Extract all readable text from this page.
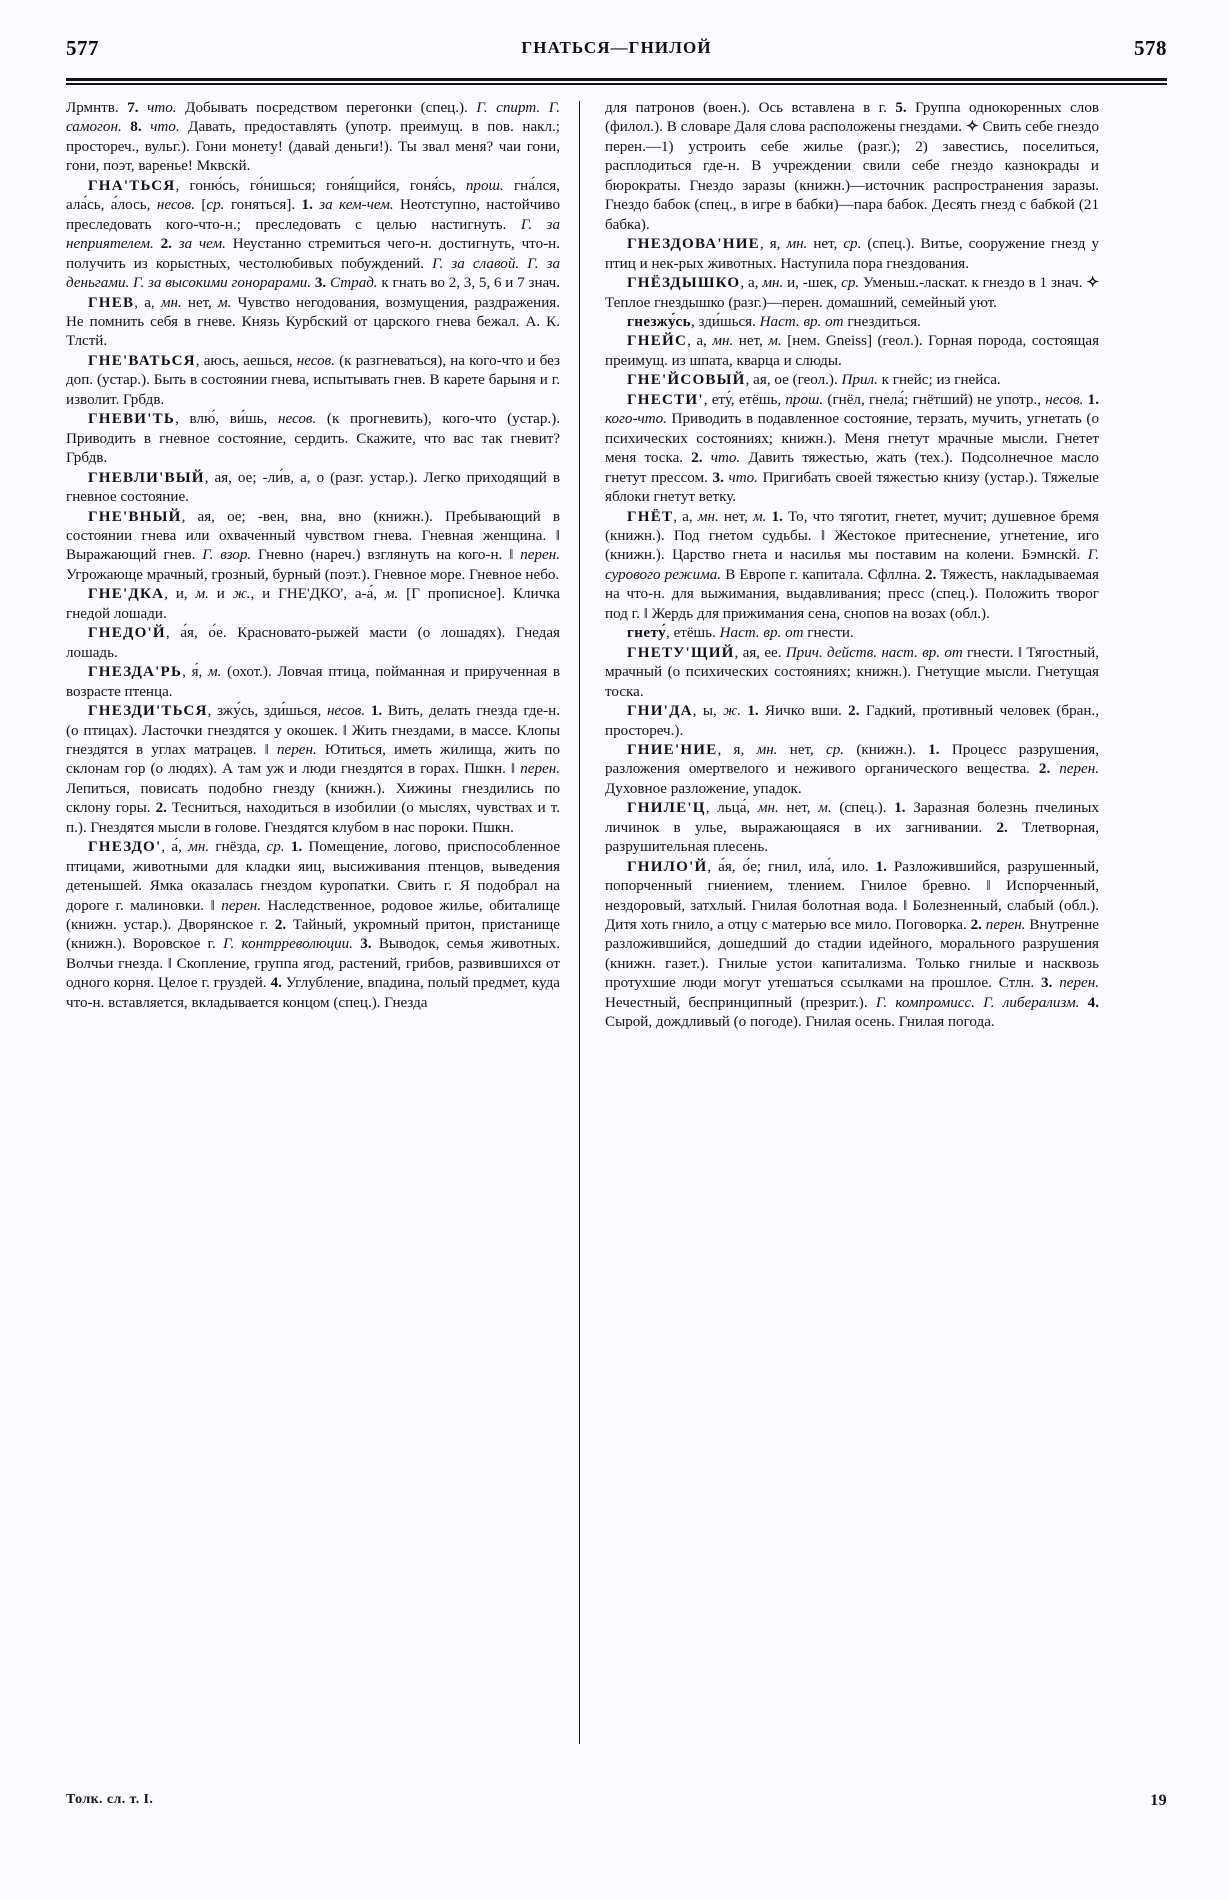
577	ГНАТЬСЯ—ГНИЛОЙ	578

Лрмнтв. 7. что. Добывать посредством перегонки (спец.). Г. спирт. Г. самогон. 8. что. Давать, предоставлять (употр. преимущ. в пов. накл.; простореч., вульг.). Гони монету! (давай деньги!). Ты звал меня? чаи гони, гони, поэт, варенье! Мквскй.

ГНА'ТЬСЯ, гоню́сь, го́нишься; гоня́щийся, гоня́сь, прош. гна́лся, ала́сь, а́лось, несов. [ср. гоняться]. 1. за кем-чем. Неотступно, настойчиво преследовать кого-что-н.; преследовать с целью настигнуть. Г. за неприятелем. 2. за чем. Неустанно стремиться чего-н. достигнуть, что-н. получить из корыстных, честолюбивых побуждений. Г. за славой. Г. за деньгами. Г. за высокими гонорарами. 3. Страд. к гнать во 2, 3, 5, 6 и 7 знач.

ГНЕВ, а, мн. нет, м. Чувство негодования, возмущения, раздражения. Не помнить себя в гневе. Князь Курбский от царского гнева бежал. А. К. Тлстй.

ГНЕ'ВАТЬСЯ, аюсь, аешься, несов. (к разгневаться), на кого-что и без доп. (устар.). Быть в состоянии гнева, испытывать гнев. В карете барыня и г. изволит. Грбдв.

ГНЕВИ'ТЬ, влю́, ви́шь, несов. (к прогневить), кого-что (устар.). Приводить в гневное состояние, сердить. Скажите, что вас так гневит? Грбдв.

ГНЕВЛИ'ВЫЙ, ая, ое; -ли́в, а, о (разг. устар.). Легко приходящий в гневное состояние.

ГНЕ'ВНЫЙ, ая, ое; -вен, вна, вно (книжн.). Пребывающий в состоянии гнева или охваченный чувством гнева. Гневная женщина. ‖ Выражающий гнев. Г. взор. Гневно (нареч.) взглянуть на кого-н. ‖ перен. Угрожающе мрачный, грозный, бурный (поэт.). Гневное море. Гневное небо.

ГНЕ'ДКА, и, м. и ж., и ГНЕ'ДКО', а-а́, м. [Г прописное]. Кличка гнедой лошади.

ГНЕДО'Й, а́я, о́е. Красновато-рыжей масти (о лошадях). Гнедая лошадь.

ГНЕЗДА'РЬ, я́, м. (охот.). Ловчая птица, пойманная и прирученная в возрасте птенца.

ГНЕЗДИ'ТЬСЯ, зжу́сь, зди́шься, несов. 1. Вить, делать гнезда где-н. (о птицах). Ласточки гнездятся у окошек. ‖ Жить гнездами, в массе. Клопы гнездятся в углах матрацев. ‖ перен. Ютиться, иметь жилища, жить по склонам гор (о людях). А там уж и люди гнездятся в горах. Пшкн. ‖ перен. Лепиться, повисать подобно гнезду (книжн.). Хижины гнездились по склону горы. 2. Тесниться, находиться в изобилии (о мыслях, чувствах и т. п.). Гнездятся мысли в голове. Гнездятся клубом в нас пороки. Пшкн.

ГНЕЗДО', а́, мн. гнёзда, ср. 1. Помещение, логово, приспособленное птицами, животными для кладки яиц, высиживания птенцов, выведения детенышей. Ямка оказалась гнездом куропатки. Свить г. Я подобрал на дороге г. малиновки. ‖ перен. Наследственное, родовое жилье, обиталище (книжн. устар.). Дворянское г. 2. Тайный, укромный притон, пристанище (книжн.). Воровское г. Г. контрреволюции. 3. Выводок, семья животных. Волчьи гнезда. ‖ Скопление, группа ягод, растений, грибов, развившихся от одного корня. Целое г. груздей. 4. Углубление, впадина, полый предмет, куда что-н. вставляется, вкладывается концом (спец.). Гнезда

для патронов (воен.). Ось вставлена в г. 5. Группа однокоренных слов (филол.). В словаре Даля слова расположены гнездами. ✧ Свить себе гнездо перен.—1) устроить себе жилье (разг.); 2) завестись, поселиться, расплодиться где-н. В учреждении свили себе гнездо казнокрады и бюрократы. Гнездо заразы (книжн.)—источник распространения заразы. Гнездо бабок (спец., в игре в бабки)—пара бабок. Десять гнезд с бабкой (21 бабка).

ГНЕЗДОВА'НИЕ, я, мн. нет, ср. (спец.). Витье, сооружение гнезд у птиц и нек-рых животных. Наступила пора гнездования.

ГНЁЗДЫШКО, а, мн. и, -шек, ср. Уменьш.-ласкат. к гнездо в 1 знач. ✧ Теплое гнездышко (разг.)—перен. домашний, семейный уют.

гнезжу́сь, зди́шься. Наст. вр. от гнездиться.

ГНЕЙС, а, мн. нет, м. [нем. Gneiss] (геол.). Горная порода, состоящая преимущ. из шпата, кварца и слюды.

ГНЕ'ЙСОВЫЙ, ая, ое (геол.). Прил. к гнейс; из гнейса.

ГНЕСТИ', ету́, етёшь, прош. (гнёл, гнела́; гнётший) не употр., несов. 1. кого-что. Приводить в подавленное состояние, терзать, мучить, угнетать (о психических состояниях; книжн.). Меня гнетут мрачные мысли. Гнетет меня тоска. 2. что. Давить тяжестью, жать (тех.). Подсолнечное масло гнетут прессом. 3. что. Пригибать своей тяжестью книзу (устар.). Тяжелые яблоки гнетут ветку.

ГНЁТ, а, мн. нет, м. 1. То, что тяготит, гнетет, мучит; душевное бремя (книжн.). Под гнетом судьбы. ‖ Жестокое притеснение, угнетение, иго (книжн.). Царство гнета и насилья мы поставим на колени. Бэмнскй. Г. сурового режима. В Европе г. капитала. Сфллна. 2. Тяжесть, накладываемая на что-н. для выжимания, выдавливания; пресс (спец.). Положить творог под г. ‖ Жердь для прижимания сена, снопов на возах (обл.).

гнету́, етёшь. Наст. вр. от гнести.

ГНЕТУ'ЩИЙ, ая, ее. Прич. действ. наст. вр. от гнести. ‖ Тягостный, мрачный (о психических состояниях; книжн.). Гнетущие мысли. Гнетущая тоска.

ГНИ'ДА, ы, ж. 1. Яичко вши. 2. Гадкий, противный человек (бран., простореч.).

ГНИЕ'НИЕ, я, мн. нет, ср. (книжн.). 1. Процесс разрушения, разложения омертвелого и неживого органического вещества. 2. перен. Духовное разложение, упадок.

ГНИЛЕ'Ц, льца́, мн. нет, м. (спец.). 1. Заразная болезнь пчелиных личинок в улье, выражающаяся в их загнивании. 2. Тлетворная, разрушительная плесень.

ГНИЛО'Й, а́я, о́е; гнил, ила́, ило. 1. Разложившийся, разрушенный, попорченный гниением, тлением. Гнилое бревно. ‖ Испорченный, нездоровый, затхлый. Гнилая болотная вода. ‖ Болезненный, слабый (обл.). Дитя хоть гнило, а отцу с матерью все мило. Поговорка. 2. перен. Внутренне разложившийся, дошедший до стадии идейного, морального разрушения (книжн. газет.). Гнилые устои капитализма. Только гнилые и насквозь протухшие люди могут утешаться ссылками на прошлое. Стлн. 3. перен. Нечестный, беспринципный (презрит.). Г. компромисс. Г. либерализм. 4. Сырой, дождливый (о погоде). Гнилая осень. Гнилая погода.

Толк. сл. т. I.	19
